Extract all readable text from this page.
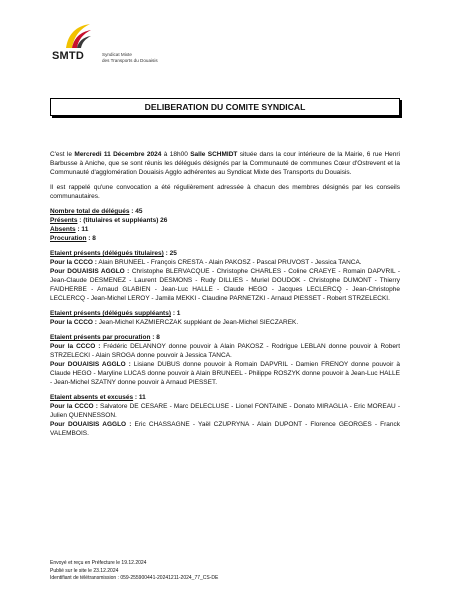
SMTD	Syndicat Mixte
des Transports du Douaisis
DELIBERATION DU COMITE SYNDICAL
C'est le Mercredi 11 Décembre 2024 à 18h00 Salle SCHMIDT située dans la cour intérieure de la Mairie, 6 rue Henri Barbusse à Aniche, que se sont réunis les délégués désignés par la Communauté de communes Cœur d'Ostrevent et la Communauté d'agglomération Douaisis Agglo adhérentes au Syndicat Mixte des Transports du Douaisis.
Il est rappelé qu'une convocation a été régulièrement adressée à chacun des membres désignés par les conseils communautaires.
Nombre total de délégués : 45
Présents : (titulaires et suppléants) 26
Absents : 11
Procuration : 8
Etaient présents (délégués titulaires) : 25
Pour la CCCO : Alain BRUNEEL - François CRESTA - Alain PAKOSZ - Pascal PRUVOST - Jessica TANCA.
Pour DOUAISIS AGGLO : Christophe BLERVACQUE - Christophe CHARLES - Coline CRAEYE - Romain DAPVRIL - Jean-Claude DESMENEZ - Laurent DESMONS - Rudy DILLIES - Muriel DOUDOK - Christophe DUMONT - Thierry FAIDHERBE - Arnaud GLABIEN - Jean-Luc HALLE - Claude HEGO - Jacques LECLERCQ - Jean-Christophe LECLERCQ - Jean-Michel LEROY - Jamila MEKKI - Claudine PARNETZKI - Arnaud PIESSET - Robert STRZELECKI.
Etaient présents (délégués suppléants) : 1
Pour la CCCO : Jean-Michel KAZMIERCZAK suppléant de Jean-Michel SIECZAREK.
Etaient présents par procuration : 8
Pour la CCCO : Frédéric DELANNOY donne pouvoir à Alain PAKOSZ - Rodrigue LEBLAN donne pouvoir à Robert STRZELECKI - Alain SROGA donne pouvoir à Jessica TANCA.
Pour DOUAISIS AGGLO : Lisiane DUBUS donne pouvoir à Romain DAPVRIL - Damien FRENOY donne pouvoir à Claude HEGO - Maryline LUCAS donne pouvoir à Alain BRUNEEL - Philippe ROSZYK donne pouvoir à Jean-Luc HALLE - Jean-Michel SZATNY donne pouvoir à Arnaud PIESSET.
Etaient absents et excusés : 11
Pour la CCCO : Salvatore DE CESARE - Marc DELECLUSE - Lionel FONTAINE - Donato MIRAGLIA - Eric MOREAU - Julien QUENNESSON.
Pour DOUAISIS AGGLO : Eric CHASSAGNE - Yaël CZUPRYNA - Alain DUPONT - Florence GEORGES - Franck VALEMBOIS.
Envoyé et reçu en Préfecture le 19.12.2024
Publié sur le site le 23.12.2024
Identifiant de télétransmission : 059-255900441-20241211-2024_77_CS-DE
